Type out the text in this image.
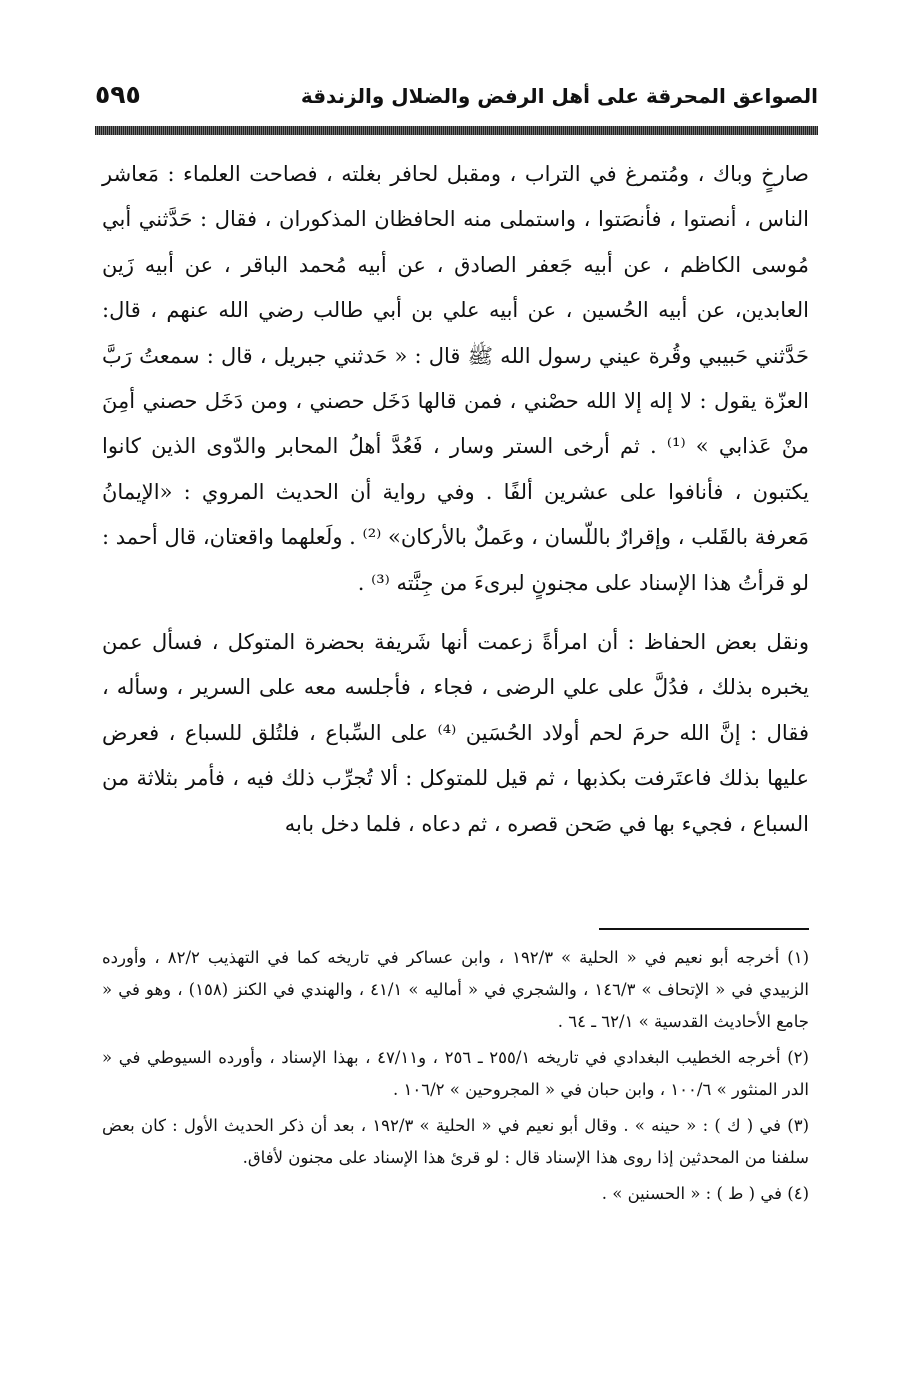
الصواعق المحرقة على أهل الرفض والضلال والزندقة
٥٩٥

صارخٍ وباك ، ومُتمرغ في التراب ، ومقبل لحافر بغلته ، فصاحت العلماء : مَعاشر الناس ، أنصتوا ، فأنصَتوا ، واستملى منه الحافظان المذكوران ، فقال : حَدَّثني أبي مُوسى الكاظم ، عن أبيه جَعفر الصادق ، عن أبيه مُحمد الباقر ، عن أبيه زَين العابدين، عن أبيه الحُسين ، عن أبيه علي بن أبي طالب رضي الله عنهم ، قال: حَدَّثني حَبيبي وقُرة عيني رسول الله ﷺ قال : « حَدثني جبريل ، قال : سمعتُ رَبَّ العزّة يقول : لا إله إلا الله حصْني ، فمن قالها دَخَل حصني ، ومن دَخَل حصني أمِنَ منْ عَذابي » ⁽¹⁾ . ثم أرخى الستر وسار ، فَعُدَّ أهلُ المحابر والدّوى الذين كانوا يكتبون ، فأنافوا على عشرين ألفًا . وفي رواية أن الحديث المروي : «الإيمانُ مَعرفة بالقَلب ، وإقرارٌ باللّسان ، وعَملٌ بالأركان» ⁽²⁾ . ولَعلهما واقعتان، قال أحمد : لو قرأتُ هذا الإسناد على مجنونٍ لبرىءَ من جِنَّته ⁽³⁾ .

ونقل بعض الحفاظ : أن امرأةً زعمت أنها شَريفة بحضرة المتوكل ، فسأل عمن يخبره بذلك ، فدُلَّ على علي الرضى ، فجاء ، فأجلسه معه على السرير ، وسأله ، فقال : إنَّ الله حرمَ لحم أولاد الحُسَين ⁽⁴⁾ على السِّباع ، فلتُلق للسباع ، فعرض عليها بذلك فاعتَرفت بكذبها ، ثم قيل للمتوكل : ألا تُجرِّب ذلك فيه ، فأمر بثلاثة من السباع ، فجيء بها في صَحن قصره ، ثم دعاه ، فلما دخل بابه

(١) أخرجه أبو نعيم في « الحلية » ١٩٢/٣ ، وابن عساكر في تاريخه كما في التهذيب ٨٢/٢ ، وأورده الزبيدي في « الإتحاف » ١٤٦/٣ ، والشجري في « أماليه » ٤١/١ ، والهندي في الكنز (١٥٨) ، وهو في « جامع الأحاديث القدسية » ٦٢/١ ـ ٦٤ .

(٢) أخرجه الخطيب البغدادي في تاريخه ٢٥٥/١ ـ ٢٥٦ ، و٤٧/١١ ، بهذا الإسناد ، وأورده السيوطي في « الدر المنثور » ١٠٠/٦ ، وابن حبان في « المجروحين » ١٠٦/٢ .

(٣) في ( ك ) : « حينه » . وقال أبو نعيم في « الحلية » ١٩٢/٣ ، بعد أن ذكر الحديث الأول : كان بعض سلفنا من المحدثين إذا روى هذا الإسناد قال : لو قرئ هذا الإسناد على مجنون لأفاق.

(٤) في ( ط ) : « الحسنين » .
